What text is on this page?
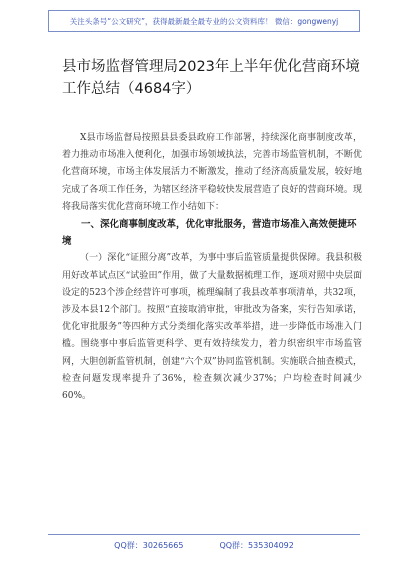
关注头条号“公文研究”，获得最新最全最专业的公文资料库！ 微信：gongwenyj
县市场监督管理局2023年上半年优化营商环境工作总结（4684字）

X县市场监督局按照县县委县政府工作部署，持续深化商事制度改革，着力推动市场准入便利化，加强市场领域执法，完善市场监管机制，不断优化营商环境，市场主体发展活力不断激发，推动了经济高质量发展，较好地完成了各项工作任务，为辖区经济平稳较快发展营造了良好的营商环境。现将我局落实优化营商环境工作小结如下：

一、深化商事制度改革，优化审批服务，营造市场准入高效便捷环境

（一）深化“证照分离”改革，为事中事后监管质量提供保障。我县积极用好改革试点区“试验田”作用，做了大量数据梳理工作，逐项对照中央层面设定的523个涉企经营许可事项，梳理编制了我县改革事项清单，共32项，涉及本县12个部门。按照“直接取消审批，审批改为备案，实行告知承诺，优化审批服务”等四种方式分类细化落实改革举措，进一步降低市场准入门槛。围绕事中事后监管更科学、更有效持续发力，着力织密织牢市场监管网，大胆创新监管机制，创建“六个双”协同监管机制。实施联合抽查模式，检查问题发现率提升了36%，检查频次减少37%；户均检查时间减少60%。

QQ群：30265665	QQ群：535304092
